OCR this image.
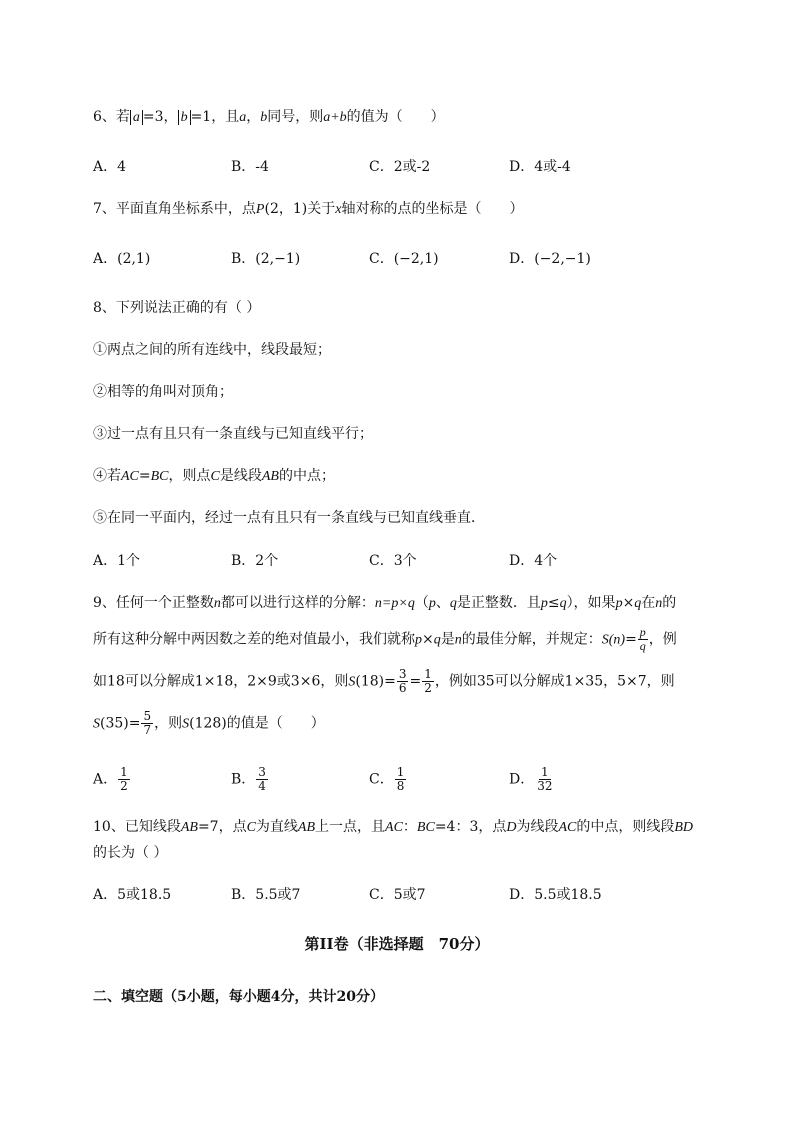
6、若 a =3， b =1，且a，b同号，则a+b的值为（　　）
A．4	B．-4	C．2或-2	D．4或-4
7、平面直角坐标系中，点P(2，1)关于x轴对称的点的坐标是（　　）
A．(2,1)	B．(2,−1)	C．(−2,1)	D．(−2,−1)
8、下列说法正确的有（ ）
①两点之间的所有连线中，线段最短；
②相等的角叫对顶角；
③过一点有且只有一条直线与已知直线平行；
④若AC=BC，则点C是线段AB的中点；
⑤在同一平面内，经过一点有且只有一条直线与已知直线垂直．
A．1个	B．2个	C．3个	D．4个
9、任何一个正整数n都可以进行这样的分解：n=p×q（p、q是正整数．且p≤q），如果p×q在n的
所有这种分解中两因数之差的绝对值最小，我们就称p×q是n的最佳分解，并规定：$S(n)= \frac{p}{q}$ ，例
如18可以分解成1×18，2×9或3×6，则$S(18)= \frac{3}{6} = \frac{1}{2}$ ，例如35可以分解成1×35，5×7，则
$S(35)= \frac{5}{7}$ ，则S(128)的值是（　　）
A． $\frac{1}{2}$	B． $\frac{3}{4}$	C． $\frac{1}{8}$	D． $\frac{1}{32}$
10、已知线段AB=7，点C为直线AB上一点，且AC：BC=4：3，点D为线段AC的中点，则线段BD
的长为（ ）
A．5或18.5	B．5.5或7	C．5或7	D．5.5或18.5
第II卷（非选择题　70分）
二、填空题（5小题，每小题4分，共计20分）
